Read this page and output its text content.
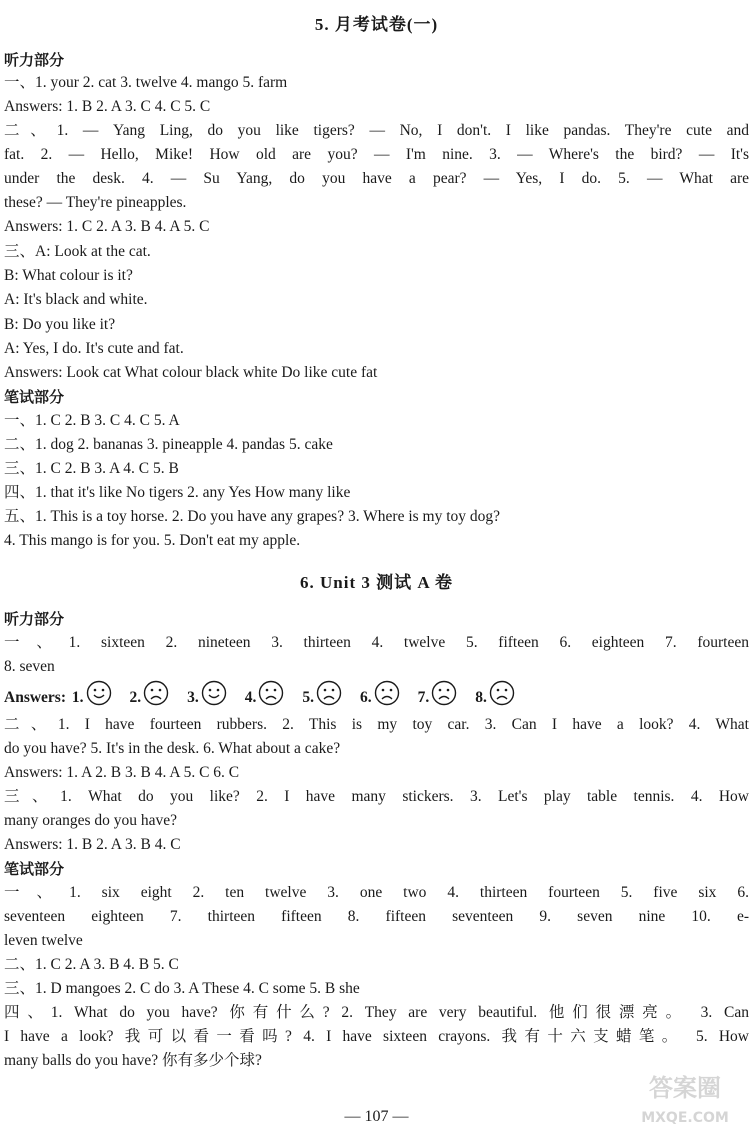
5. 月考试卷(一)
听力部分
一、1. your 2. cat 3. twelve 4. mango 5. farm
Answers: 1. B 2. A 3. C 4. C 5. C
二、1. — Yang Ling, do you like tigers? — No, I don't. I like pandas. They're cute and
fat. 2. — Hello, Mike! How old are you? — I'm nine. 3. — Where's the bird? — It's
under the desk. 4. — Su Yang, do you have a pear? — Yes, I do. 5. — What are
these? — They're pineapples.
Answers: 1. C 2. A 3. B 4. A 5. C
三、A: Look at the cat.
B: What colour is it?
A: It's black and white.
B: Do you like it?
A: Yes, I do. It's cute and fat.
Answers: Look cat What colour black white Do like cute fat
笔试部分
一、1. C 2. B 3. C 4. C 5. A
二、1. dog 2. bananas 3. pineapple 4. pandas 5. cake
三、1. C 2. B 3. A 4. C 5. B
四、1. that it's like No tigers 2. any Yes How many like
五、1. This is a toy horse. 2. Do you have any grapes? 3. Where is my toy dog?
4. This mango is for you. 5. Don't eat my apple.
6. Unit 3 测试 A 卷
听力部分
一、1. sixteen 2. nineteen 3. thirteen 4. twelve 5. fifteen 6. eighteen 7. fourteen
8. seven
Answers: 1.	2.	3.	4.	5.	6.	7.	8.
二、1. I have fourteen rubbers. 2. This is my toy car. 3. Can I have a look? 4. What
do you have? 5. It's in the desk. 6. What about a cake?
Answers: 1. A 2. B 3. B 4. A 5. C 6. C
三、1. What do you like? 2. I have many stickers. 3. Let's play table tennis. 4. How
many oranges do you have?
Answers: 1. B 2. A 3. B 4. C
笔试部分
一、1. six eight 2. ten twelve 3. one two 4. thirteen fourteen 5. five six 6.
seventeen eighteen 7. thirteen fifteen 8. fifteen seventeen 9. seven nine 10. e-
leven twelve
二、1. C 2. A 3. B 4. B 5. C
三、1. D mangoes 2. C do 3. A These 4. C some 5. B she
四、1. What do you have? 你有什么? 2. They are very beautiful. 他们很漂亮。 3. Can
I have a look? 我可以看一看吗? 4. I have sixteen crayons. 我有十六支蜡笔。 5. How
many balls do you have? 你有多少个球?
— 107 —
答案圈
MXQE.COM
